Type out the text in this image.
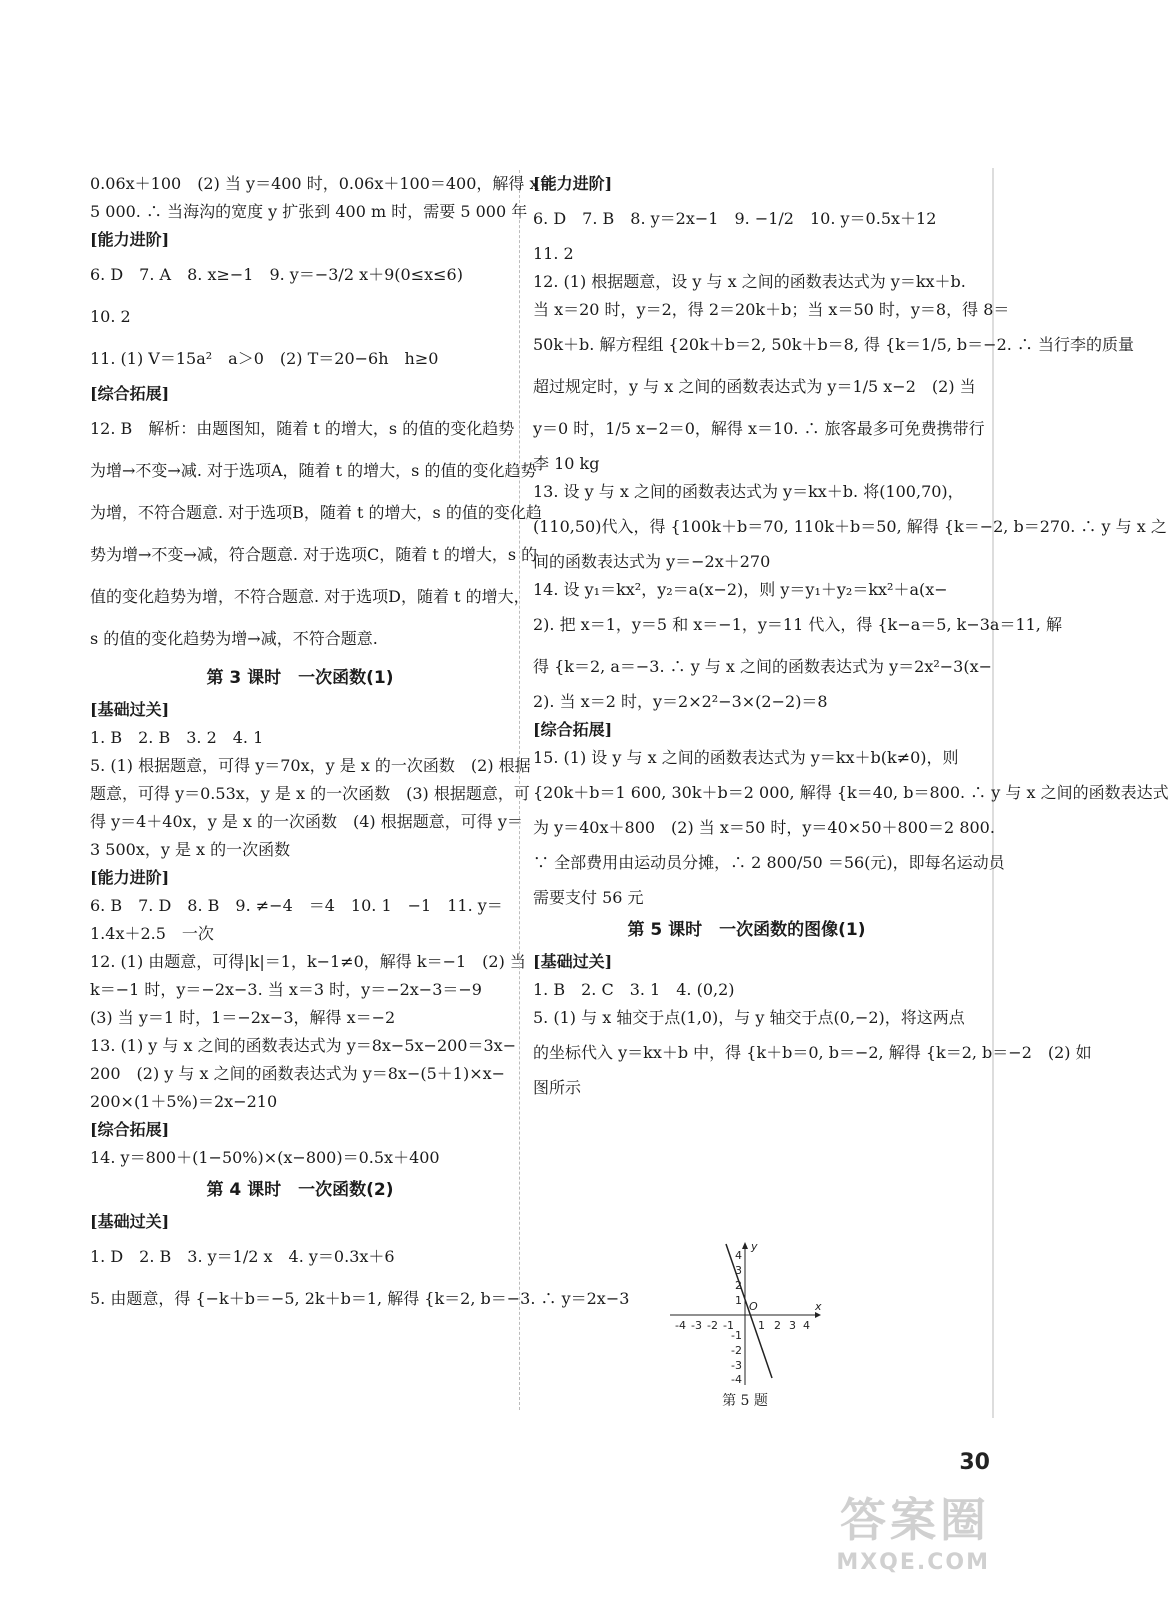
0.06x＋100　(2) 当 y＝400 时，0.06x＋100＝400，解得 x＝
5 000. ∴ 当海沟的宽度 y 扩张到 400 m 时，需要 5 000 年
[能力进阶]
6. D　7. A　8. x≥−1　9. y＝−3/2 x＋9(0≤x≤6)
10. 2
11. (1) V＝15a²　a＞0　(2) T＝20−6h　h≥0
[综合拓展]
12. B　解析：由题图知，随着 t 的增大，s 的值的变化趋势
为增→不变→减. 对于选项A，随着 t 的增大，s 的值的变化趋势
为增，不符合题意. 对于选项B，随着 t 的增大，s 的值的变化趋
势为增→不变→减，符合题意. 对于选项C，随着 t 的增大，s 的
值的变化趋势为增，不符合题意. 对于选项D，随着 t 的增大，
s 的值的变化趋势为增→减，不符合题意.
第 3 课时　一次函数(1)
[基础过关]
1. B　2. B　3. 2　4. 1
5. (1) 根据题意，可得 y＝70x，y 是 x 的一次函数　(2) 根据
题意，可得 y＝0.53x，y 是 x 的一次函数　(3) 根据题意，可
得 y＝4＋40x，y 是 x 的一次函数　(4) 根据题意，可得 y＝
3 500x，y 是 x 的一次函数
[能力进阶]
6. B　7. D　8. B　9. ≠−4　＝4　10. 1　−1　11. y＝
1.4x＋2.5　一次
12. (1) 由题意，可得|k|＝1，k−1≠0，解得 k＝−1　(2) 当
k＝−1 时，y＝−2x−3. 当 x＝3 时，y＝−2x−3＝−9
(3) 当 y＝1 时，1＝−2x−3，解得 x＝−2
13. (1) y 与 x 之间的函数表达式为 y＝8x−5x−200＝3x−
200　(2) y 与 x 之间的函数表达式为 y＝8x−(5＋1)×x−
200×(1＋5%)＝2x−210
[综合拓展]
14. y＝800＋(1−50%)×(x−800)＝0.5x＋400
第 4 课时　一次函数(2)
[基础过关]
1. D　2. B　3. y＝1/2 x　4. y＝0.3x＋6
5. 由题意，得 {−k＋b＝−5, 2k＋b＝1, 解得 {k＝2, b＝−3. ∴ y＝2x−3
[能力进阶]
6. D　7. B　8. y＝2x−1　9. −1/2　10. y＝0.5x＋12
11. 2
12. (1) 根据题意，设 y 与 x 之间的函数表达式为 y＝kx＋b.
当 x＝20 时，y＝2，得 2＝20k＋b；当 x＝50 时，y＝8，得 8＝
50k＋b. 解方程组 {20k＋b＝2, 50k＋b＝8, 得 {k＝1/5, b＝−2. ∴ 当行李的质量
超过规定时，y 与 x 之间的函数表达式为 y＝1/5 x−2　(2) 当
y＝0 时，1/5 x−2＝0，解得 x＝10. ∴ 旅客最多可免费携带行
李 10 kg
13. 设 y 与 x 之间的函数表达式为 y＝kx＋b. 将(100,70)，
(110,50)代入，得 {100k＋b＝70, 110k＋b＝50, 解得 {k＝−2, b＝270. ∴ y 与 x 之
间的函数表达式为 y＝−2x＋270
14. 设 y₁＝kx²，y₂＝a(x−2)，则 y＝y₁＋y₂＝kx²＋a(x−
2). 把 x＝1，y＝5 和 x＝−1，y＝11 代入，得 {k−a＝5, k−3a＝11, 解
得 {k＝2, a＝−3. ∴ y 与 x 之间的函数表达式为 y＝2x²−3(x−
2). 当 x＝2 时，y＝2×2²−3×(2−2)＝8
[综合拓展]
15. (1) 设 y 与 x 之间的函数表达式为 y＝kx＋b(k≠0)，则
{20k＋b＝1 600, 30k＋b＝2 000, 解得 {k＝40, b＝800. ∴ y 与 x 之间的函数表达式
为 y＝40x＋800　(2) 当 x＝50 时，y＝40×50＋800＝2 800.
∵ 全部费用由运动员分摊，∴ 2 800/50 ＝56(元)，即每名运动员
需要支付 56 元
第 5 课时　一次函数的图像(1)
[基础过关]
1. B　2. C　3. 1　4. (0,2)
5. (1) 与 x 轴交于点(1,0)，与 y 轴交于点(0,−2)，将这两点
的坐标代入 y＝kx＋b 中，得 {k＋b＝0, b＝−2, 解得 {k＝2, b＝−2　(2) 如
图所示
-4 -3 -2 -1 1 2 3 4
4
3
2
1
-1
-2
-3
-4
O	x
y
第 5 题
30
答案圈
MXQE.COM
